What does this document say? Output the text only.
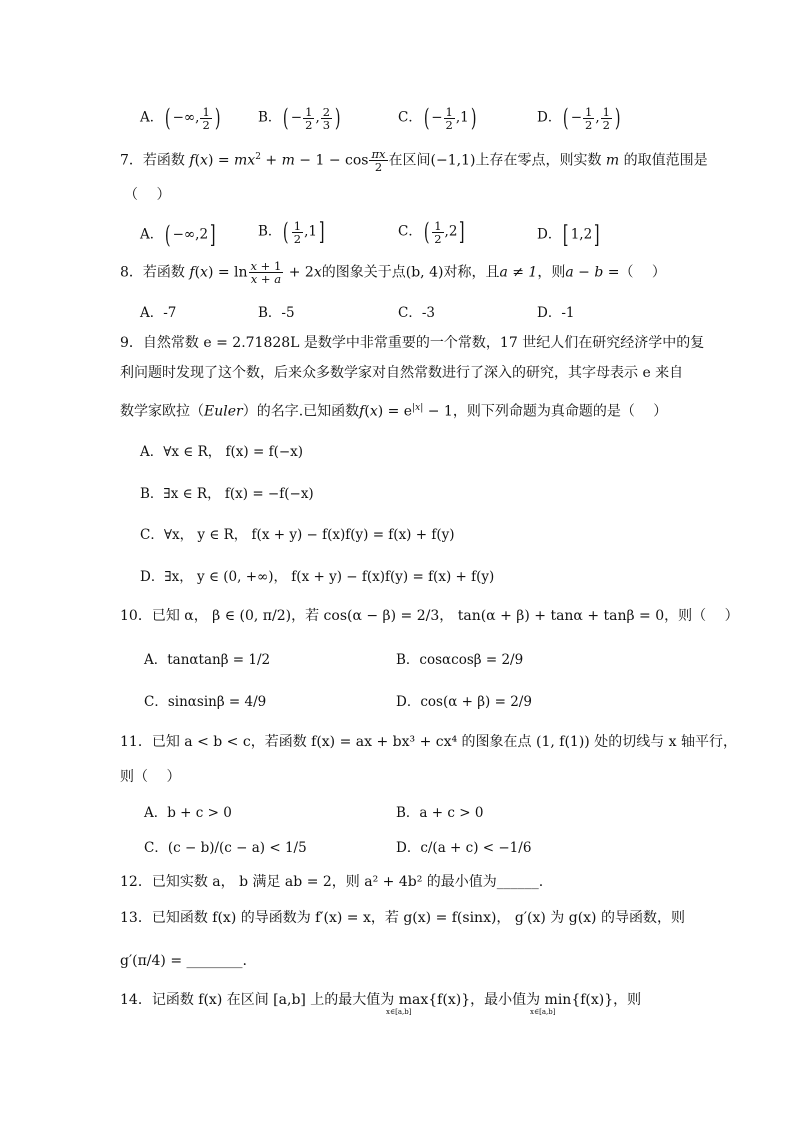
A．( −∞, $\frac{1}{2}$ )	B．( − $\frac{1}{2}$ , $\frac{2}{3}$ )	C．( − $\frac{1}{2} ,1$)	D．( − $\frac{1}{2}$ , $\frac{1}{2}$ )
7．若函数 $f(x) = mx^2 + m - 1 - \cos \frac{\pi x}{2}$ 在区间(−1,1)上存在零点，则实数 m 的取值范围是
（　 ）
A．( −∞,2]	B．( $\frac{1}{2} ,1$]	C．( $\frac{1}{2} ,2$]	D．[ 1,2]
8．若函数 $f(x) = \ln \frac{x + 1}{x + a} + 2x$的图象关于点(b, 4)对称，且a ≠ 1，则a − b =（　 ）
A．-7	B．-5	C．-3	D．-1
9．自然常数 e = 2.71828L 是数学中非常重要的一个常数，17 世纪人们在研究经济学中的复
利问题时发现了这个数，后来众多数学家对自然常数进行了深入的研究，其字母表示 e 来自
数学家欧拉（Euler）的名字.已知函数$f(x) = e^{|x|} - 1$，则下列命题为真命题的是（　 ）
A．∀x ∈ R， f(x) = f(−x)
B．∃x ∈ R， f(x) = −f(−x)
C．∀x， y ∈ R， f(x + y) − f(x)f(y) = f(x) + f(y)
D．∃x， y ∈ (0, +∞)， f(x + y) − f(x)f(y) = f(x) + f(y)
10．已知 α， β ∈ (0, π/2)，若 cos(α − β) = 2/3， tan(α + β) + tanα + tanβ = 0，则（　 ）
A．tanαtanβ = 1/2	B．cosαcosβ = 2/9
C．sinαsinβ = 4/9	D．cos(α + β) = 2/9
11．已知 a < b < c，若函数 f(x) = ax + bx³ + cx⁴ 的图象在点 (1, f(1)) 处的切线与 x 轴平行，
则（　 ）
A．b + c > 0	B．a + c > 0
C．(c − b)/(c − a) < 1/5	D．c/(a + c) < −1/6
12．已知实数 a， b 满足 ab = 2，则 a² + 4b² 的最小值为______.
13．已知函数 f(x) 的导函数为 f′(x) = x，若 g(x) = f(sinx)， g′(x) 为 g(x) 的导函数，则
g′(π/4) = ________.
14．记函数 f(x) 在区间 [a,b] 上的最大值为 max{f(x)}，最小值为 min{f(x)}，则
x∈[a,b]	x∈[a,b]
